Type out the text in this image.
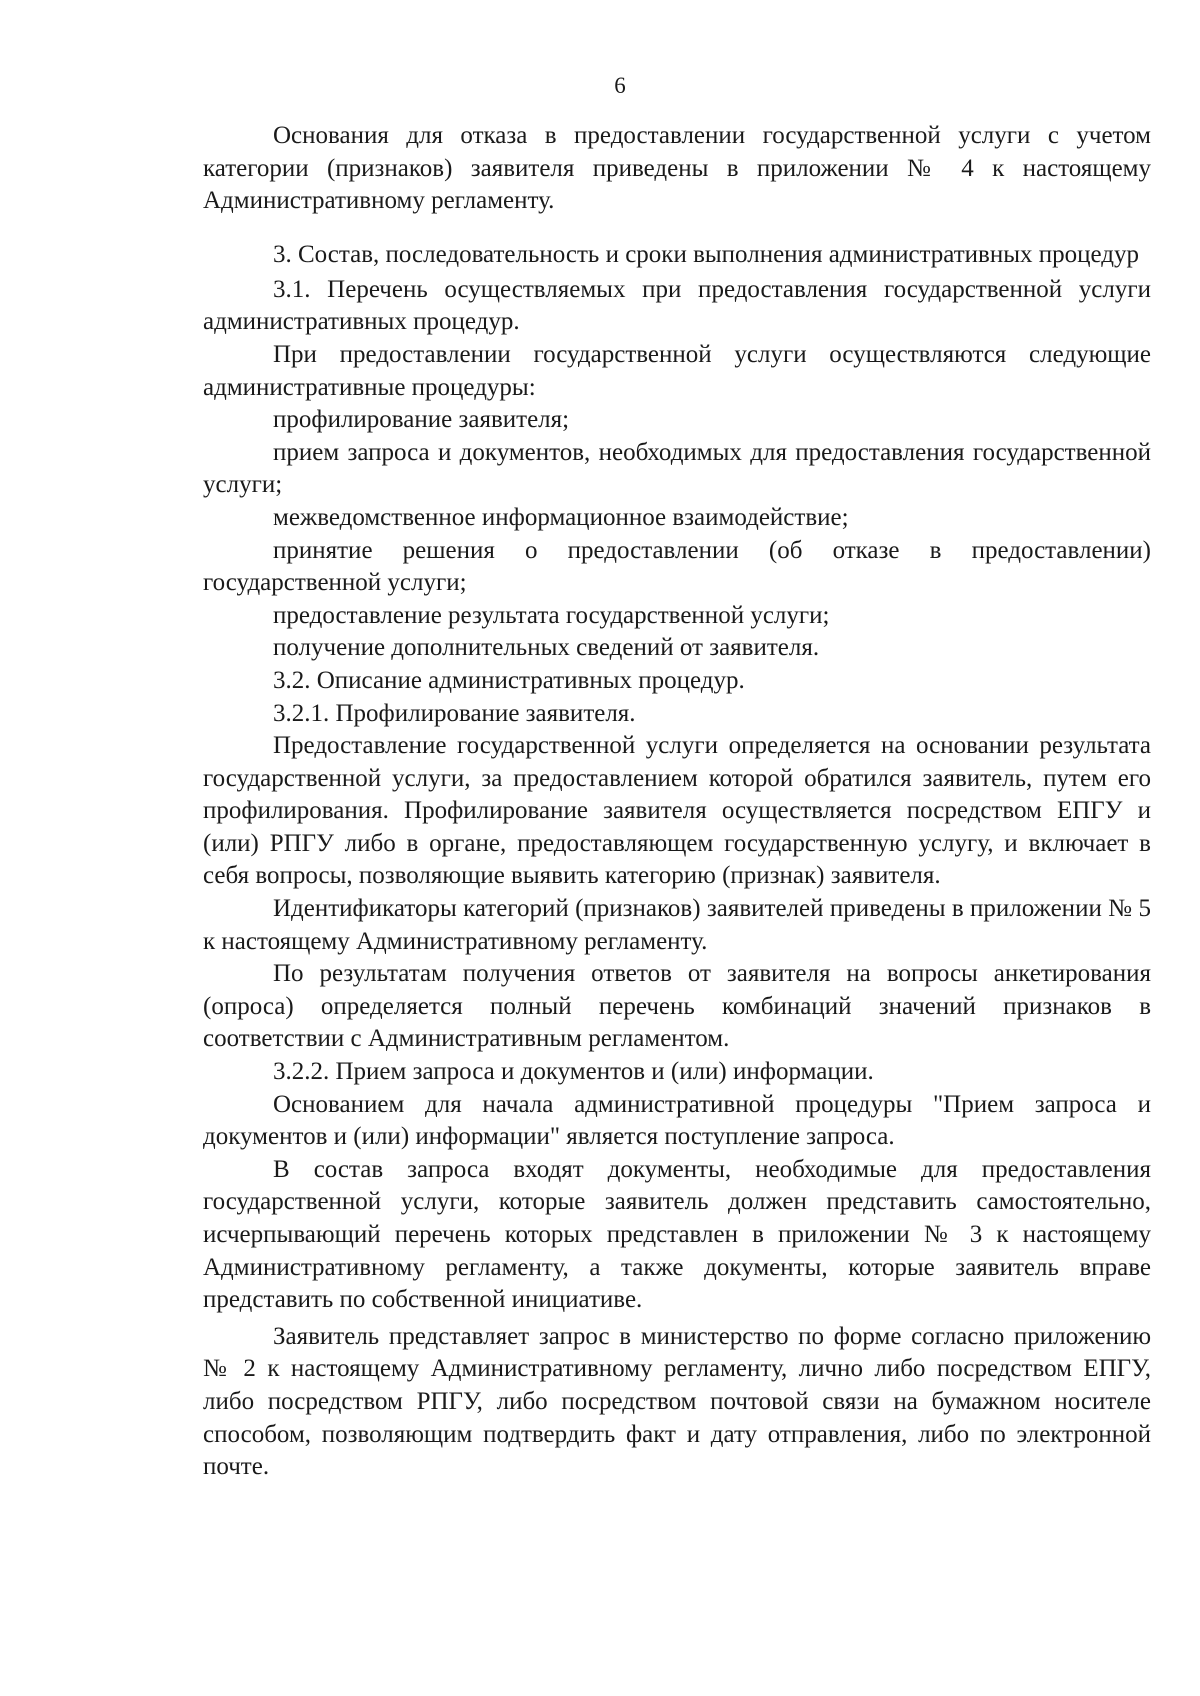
6

Основания для отказа в предоставлении государственной услуги с учетом категории (признаков) заявителя приведены в приложении № 4 к настоящему Административному регламенту.

3. Состав, последовательность и сроки выполнения административных процедур

3.1. Перечень осуществляемых при предоставления государственной услуги административных процедур.

При предоставлении государственной услуги осуществляются следующие административные процедуры:

профилирование заявителя;

прием запроса и документов, необходимых для предоставления государственной услуги;

межведомственное информационное взаимодействие;

принятие решения о предоставлении (об отказе в предоставлении) государственной услуги;

предоставление результата государственной услуги;

получение дополнительных сведений от заявителя.

3.2. Описание административных процедур.

3.2.1. Профилирование заявителя.

Предоставление государственной услуги определяется на основании результата государственной услуги, за предоставлением которой обратился заявитель, путем его профилирования. Профилирование заявителя осуществляется посредством ЕПГУ и (или) РПГУ либо в органе, предоставляющем государственную услугу, и включает в себя вопросы, позволяющие выявить категорию (признак) заявителя.

Идентификаторы категорий (признаков) заявителей приведены в приложении № 5 к настоящему Административному регламенту.

По результатам получения ответов от заявителя на вопросы анкетирования (опроса) определяется полный перечень комбинаций значений признаков в соответствии с Административным регламентом.

3.2.2. Прием запроса и документов и (или) информации.

Основанием для начала административной процедуры "Прием запроса и документов и (или) информации" является поступление запроса.

В состав запроса входят документы, необходимые для предоставления государственной услуги, которые заявитель должен представить самостоятельно, исчерпывающий перечень которых представлен в приложении № 3 к настоящему Административному регламенту, а также документы, которые заявитель вправе представить по собственной инициативе.

Заявитель представляет запрос в министерство по форме согласно приложению № 2 к настоящему Административному регламенту, лично либо посредством ЕПГУ, либо посредством РПГУ, либо посредством почтовой связи на бумажном носителе способом, позволяющим подтвердить факт и дату отправления, либо по электронной почте.
